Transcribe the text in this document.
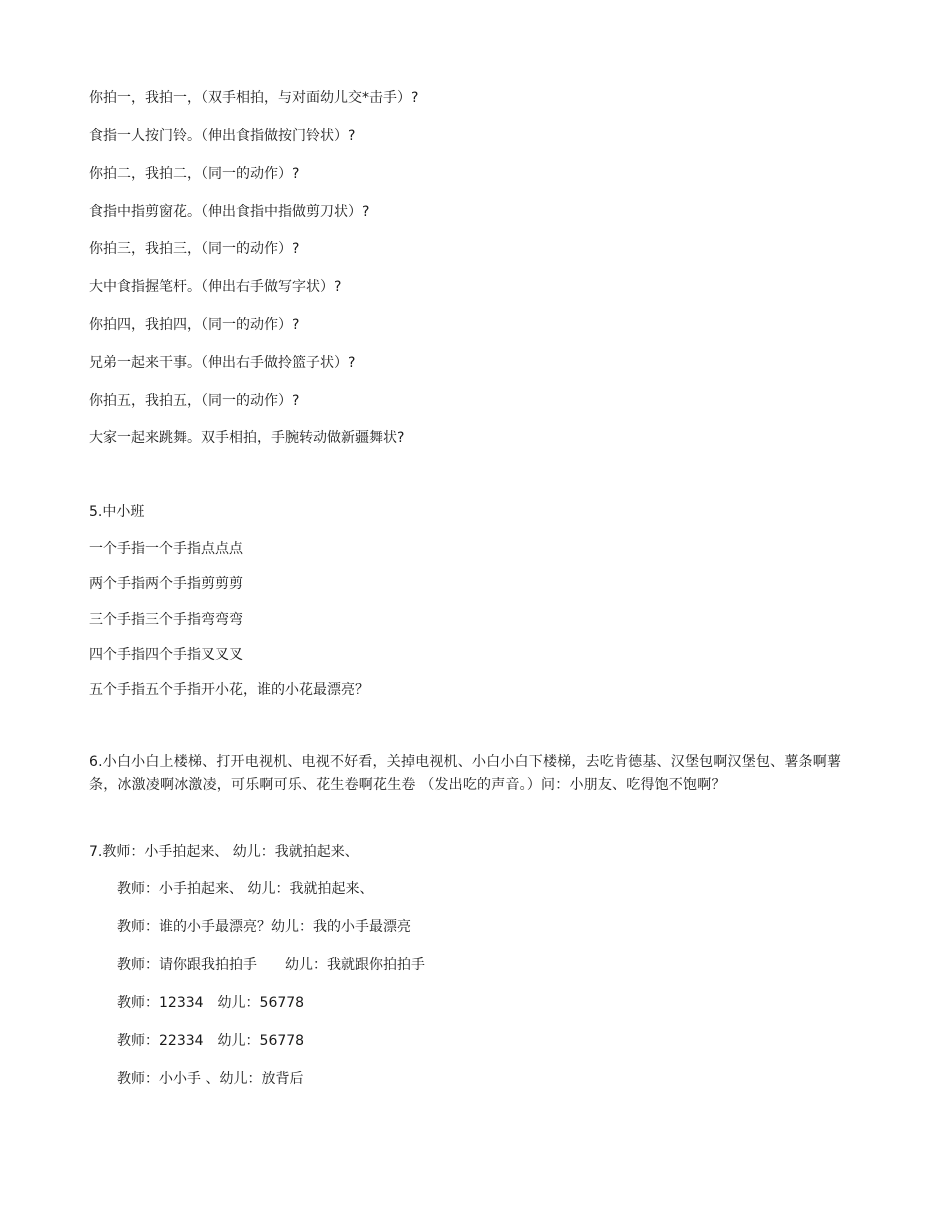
你拍一，我拍一，（双手相拍，与对面幼儿交*击手）?
食指一人按门铃。（伸出食指做按门铃状）?
你拍二，我拍二，（同一的动作）?
食指中指剪窗花。（伸出食指中指做剪刀状）?
你拍三，我拍三，（同一的动作）?
大中食指握笔杆。（伸出右手做写字状）?
你拍四，我拍四，（同一的动作）?
兄弟一起来干事。（伸出右手做拎篮子状）?
你拍五，我拍五，（同一的动作）?
大家一起来跳舞。双手相拍，手腕转动做新疆舞状?
5.中小班
一个手指一个手指点点点
两个手指两个手指剪剪剪
三个手指三个手指弯弯弯
四个手指四个手指叉叉叉
五个手指五个手指开小花，谁的小花最漂亮？
6.小白小白上楼梯、打开电视机、电视不好看，关掉电视机、小白小白下楼梯，去吃肯德基、汉堡包啊汉堡包、薯条啊薯条，冰激凌啊冰激凌，可乐啊可乐、花生卷啊花生卷 （发出吃的声音。）问：小朋友、吃得饱不饱啊？
7.教师：小手拍起来、 幼儿：我就拍起来、
教师：小手拍起来、 幼儿：我就拍起来、
教师：谁的小手最漂亮？幼儿：我的小手最漂亮
教师：请你跟我拍拍手　　幼儿：我就跟你拍拍手
教师：12334　幼儿：56778
教师：22334　幼儿：56778
教师：小小手 、幼儿：放背后
